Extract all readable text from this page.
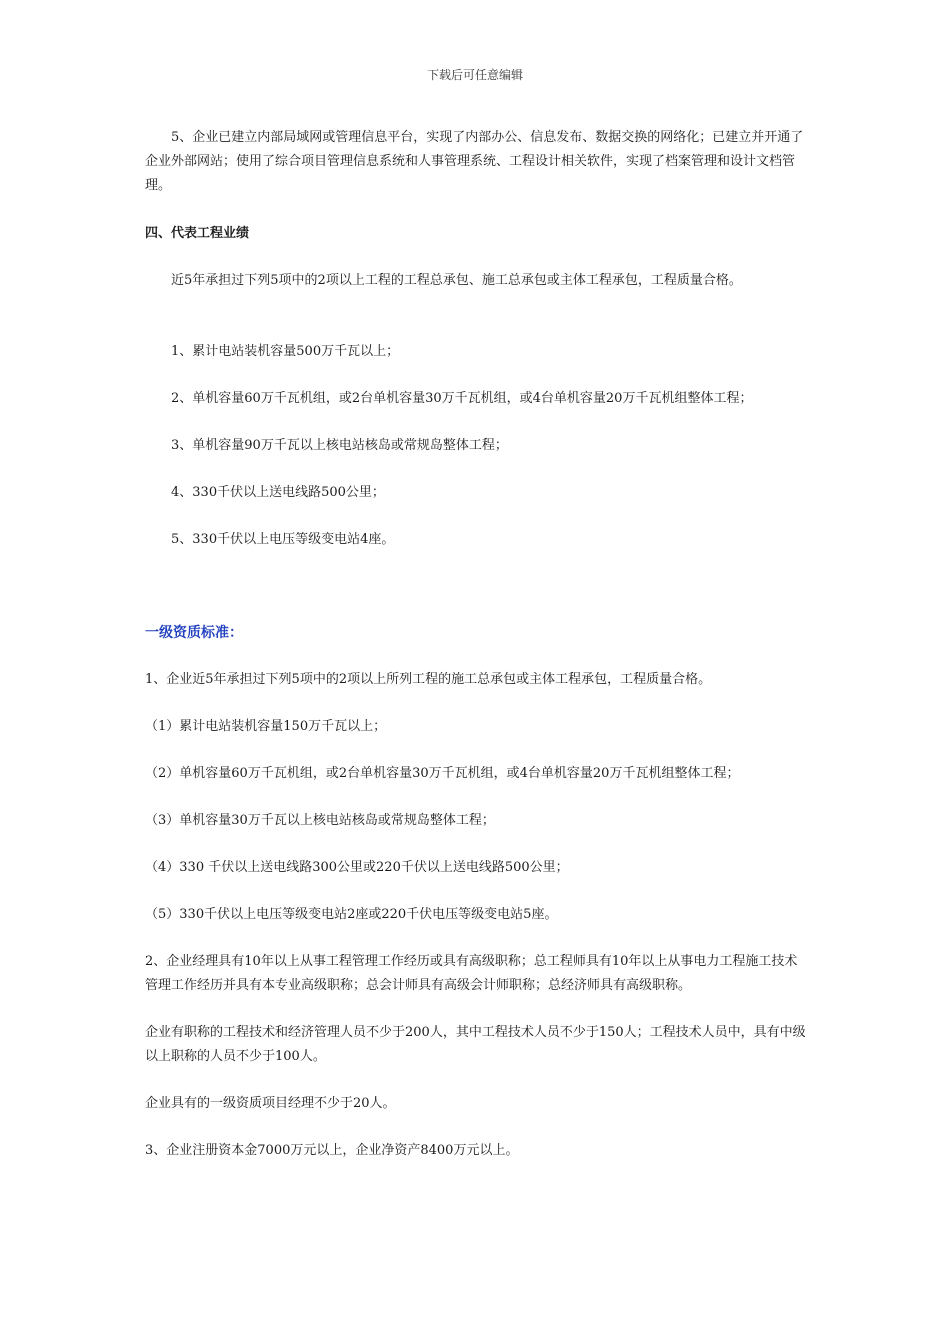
下载后可任意编辑

5、企业已建立内部局域网或管理信息平台，实现了内部办公、信息发布、数据交换的网络化；已建立并开通了企业外部网站；使用了综合项目管理信息系统和人事管理系统、工程设计相关软件，实现了档案管理和设计文档管理。

四、代表工程业绩

近5年承担过下列5项中的2项以上工程的工程总承包、施工总承包或主体工程承包，工程质量合格。

1、累计电站装机容量500万千瓦以上；

2、单机容量60万千瓦机组，或2台单机容量30万千瓦机组，或4台单机容量20万千瓦机组整体工程；

3、单机容量90万千瓦以上核电站核岛或常规岛整体工程；

4、330千伏以上送电线路500公里；

5、330千伏以上电压等级变电站4座。

一级资质标准：

1、企业近5年承担过下列5项中的2项以上所列工程的施工总承包或主体工程承包，工程质量合格。

（1）累计电站装机容量150万千瓦以上；

（2）单机容量60万千瓦机组，或2台单机容量30万千瓦机组，或4台单机容量20万千瓦机组整体工程；

（3）单机容量30万千瓦以上核电站核岛或常规岛整体工程；

（4）330 千伏以上送电线路300公里或220千伏以上送电线路500公里；

（5）330千伏以上电压等级变电站2座或220千伏电压等级变电站5座。

2、企业经理具有10年以上从事工程管理工作经历或具有高级职称；总工程师具有10年以上从事电力工程施工技术管理工作经历并具有本专业高级职称；总会计师具有高级会计师职称；总经济师具有高级职称。

企业有职称的工程技术和经济管理人员不少于200人，其中工程技术人员不少于150人；工程技术人员中，具有中级以上职称的人员不少于100人。

企业具有的一级资质项目经理不少于20人。

3、企业注册资本金7000万元以上，企业净资产8400万元以上。
